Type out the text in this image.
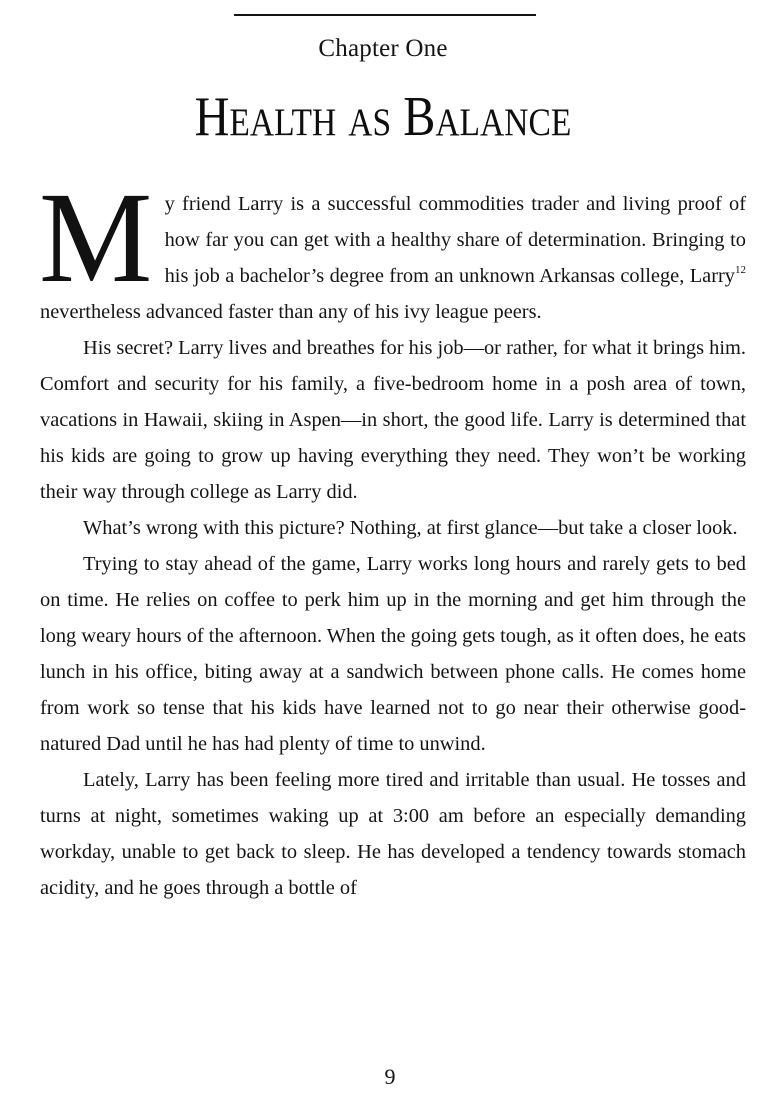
Chapter One
Health as Balance

My friend Larry is a successful commodities trader and living proof of how far you can get with a healthy share of determination. Bringing to his job a bachelor’s degree from an unknown Arkansas college, Larry$^{12}$ nevertheless advanced faster than any of his ivy league peers.

His secret? Larry lives and breathes for his job—or rather, for what it brings him. Comfort and security for his family, a five-bedroom home in a posh area of town, vacations in Hawaii, skiing in Aspen—in short, the good life. Larry is determined that his kids are going to grow up having everything they need. They won’t be working their way through college as Larry did.

What’s wrong with this picture? Nothing, at first glance—but take a closer look.

Trying to stay ahead of the game, Larry works long hours and rarely gets to bed on time. He relies on coffee to perk him up in the morning and get him through the long weary hours of the afternoon. When the going gets tough, as it often does, he eats lunch in his office, biting away at a sandwich between phone calls. He comes home from work so tense that his kids have learned not to go near their otherwise good-natured Dad until he has had plenty of time to unwind.

Lately, Larry has been feeling more tired and irritable than usual. He tosses and turns at night, sometimes waking up at 3:00 am before an especially demanding workday, unable to get back to sleep. He has developed a tendency towards stomach acidity, and he goes through a bottle of

9
